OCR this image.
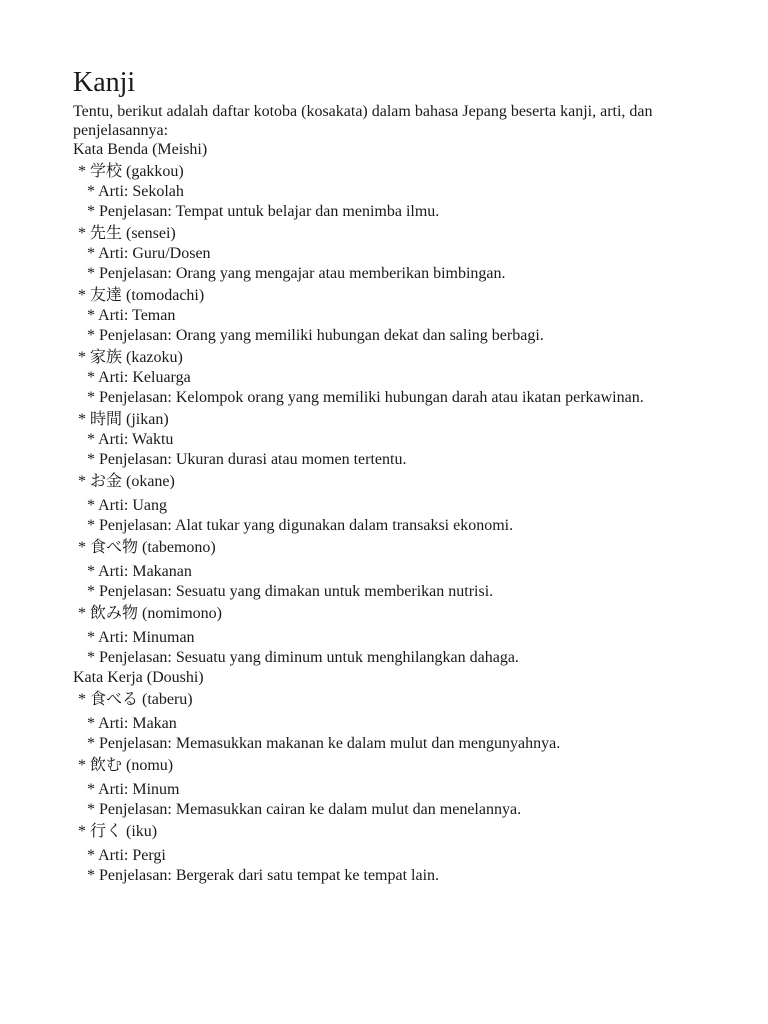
Kanji

Tentu, berikut adalah daftar kotoba (kosakata) dalam bahasa Jepang beserta kanji, arti, dan penjelasannya:

Kata Benda (Meishi)

* 学校 (gakkou)

* Arti: Sekolah

* Penjelasan: Tempat untuk belajar dan menimba ilmu.

* 先生 (sensei)

* Arti: Guru/Dosen

* Penjelasan: Orang yang mengajar atau memberikan bimbingan.

* 友達 (tomodachi)

* Arti: Teman

* Penjelasan: Orang yang memiliki hubungan dekat dan saling berbagi.

* 家族 (kazoku)

* Arti: Keluarga

* Penjelasan: Kelompok orang yang memiliki hubungan darah atau ikatan perkawinan.

* 時間 (jikan)

* Arti: Waktu

* Penjelasan: Ukuran durasi atau momen tertentu.

* お金 (okane)

* Arti: Uang

* Penjelasan: Alat tukar yang digunakan dalam transaksi ekonomi.

* 食べ物 (tabemono)

* Arti: Makanan

* Penjelasan: Sesuatu yang dimakan untuk memberikan nutrisi.

* 飲み物 (nomimono)

* Arti: Minuman

* Penjelasan: Sesuatu yang diminum untuk menghilangkan dahaga.

Kata Kerja (Doushi)

* 食べる (taberu)

* Arti: Makan

* Penjelasan: Memasukkan makanan ke dalam mulut dan mengunyahnya.

* 飲む (nomu)

* Arti: Minum

* Penjelasan: Memasukkan cairan ke dalam mulut dan menelannya.

* 行く (iku)

* Arti: Pergi

* Penjelasan: Bergerak dari satu tempat ke tempat lain.
